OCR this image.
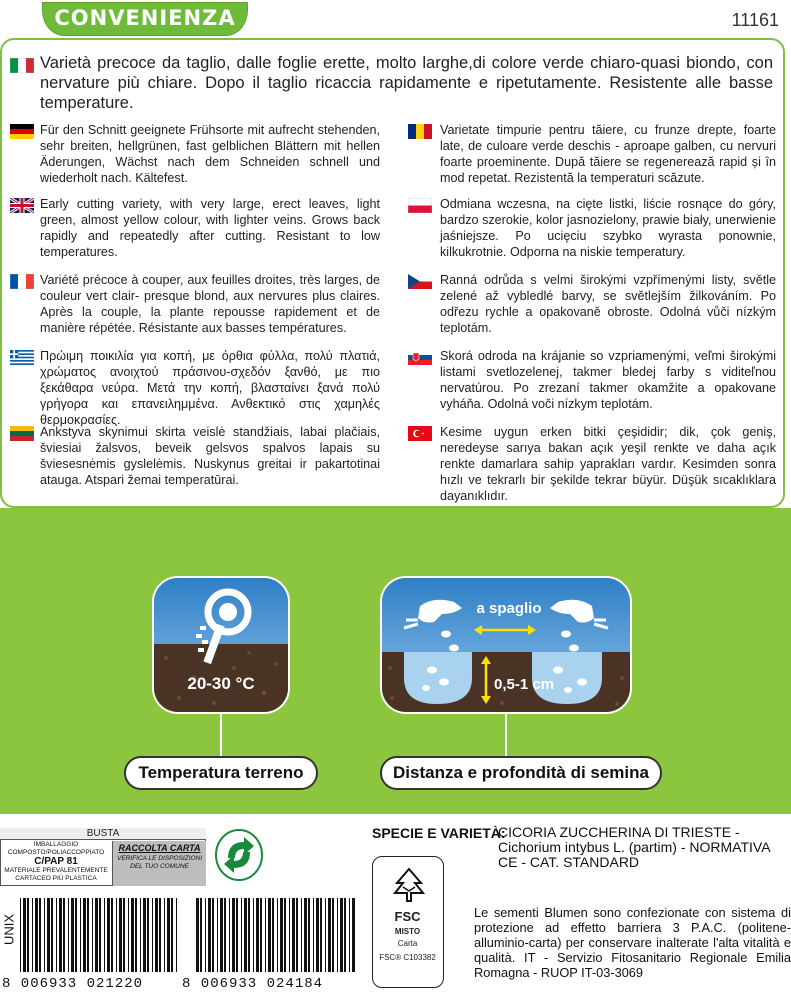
CONVENIENZA	11161
Varietà precoce da taglio, dalle foglie erette, molto larghe,di colore verde chiaro-quasi biondo, con nervature più chiare. Dopo il taglio ricaccia rapidamente e ripetutamente. Resistente alle basse temperature.
Für den Schnitt geeignete Frühsorte mit aufrecht stehenden, sehr breiten, hellgrünen, fast gelblichen Blättern mit hellen Äderungen, Wächst nach dem Schneiden schnell und wiederholt nach. Kältefest.
Early cutting variety, with very large, erect leaves, light green, almost yellow colour, with lighter veins. Grows back rapidly and repeatedly after cutting. Resistant to low temperatures.
Variété précoce à couper, aux feuilles droites, très larges, de couleur vert clair- presque blond, aux nervures plus claires. Après la couple, la plante repousse rapidement et de manière répétée. Résistante aux basses températures.
Πρώιμη ποικιλία για κοπή, με όρθια φύλλα, πολύ πλατιά, χρώματος ανοιχτού πράσινου-σχεδόν ξανθό, με πιο ξεκάθαρα νεύρα. Μετά την κοπή, βλασταίνει ξανά πολύ γρήγορα και επανειλημμένα. Ανθεκτικό στις χαμηλές θερμοκρασίες.
Ankstyva skynimui skirta veislė standžiais, labai plačiais, šviesiai žalsvos, beveik gelsvos spalvos lapais su šviesesnėmis gyslelėmis. Nuskynus greitai ir pakartotinai atauga. Atspari žemai temperatūrai.
Varietate timpurie pentru tăiere, cu frunze drepte, foarte late, de culoare verde deschis - aproape galben, cu nervuri foarte proeminente. După tăiere se regenerează rapid și în mod repetat. Rezistentă la temperaturi scăzute.
Odmiana wczesna, na cięte listki, liście rosnące do góry, bardzo szerokie, kolor jasnozielony, prawie biały, unerwienie jaśniejsze. Po ucięciu szybko wyrasta ponownie, kilkukrotnie. Odporna na niskie temperatury.
Ranná odrůda s velmi širokými vzpřímenými listy, světle zelené až vybledlé barvy, se světlejším žilkováním. Po odřezu rychle a opakovaně obroste. Odolná vůči nízkým teplotám.
Skorá odroda na krájanie so vzpriamenými, veľmi širokými listami svetlozelenej, takmer bledej farby s viditeľnou nervatúrou. Po zrezaní takmer okamžite a opakovane vyháňa. Odolná voči nízkym teplotám.
Kesime uygun erken bitki çeşididir; dik, çok geniş, neredeyse sarıya bakan açık yeşil renkte ve daha açık renkte damarlara sahip yaprakları vardır. Kesimden sonra hızlı ve tekrarlı bir şekilde tekrar büyür. Düşük sıcaklıklara dayanıklıdır.
20-30 °C
Temperatura terreno
a spaglio
0,5-1 cm
Distanza e profondità di semina
BUSTA
IMBALLAGGIO
COMPOSTO/POLIACCOPPIATO
C/PAP 81
MATERIALE PREVALENTEMENTE
CARTACEO PIÙ PLASTICA
RACCOLTA CARTA
VERIFICA LE DISPOSIZIONI
DEL TUO COMUNE
UNIX
8 006933 021220	8 006933 024184
FSC
MISTO
Carta
FSC® C103382
SPECIE E VARIETÀ:
CICORIA ZUCCHERINA DI TRIESTE - Cichorium intybus L. (partim) - NORMATIVA CE - CAT. STANDARD
Le sementi Blumen sono confezionate con sistema di protezione ad effetto barriera 3 P.A.C. (politene-alluminio-carta) per conservare inalterate l'alta vitalità e qualità. IT - Servizio Fitosanitario Regionale Emilia Romagna - RUOP IT-03-3069
